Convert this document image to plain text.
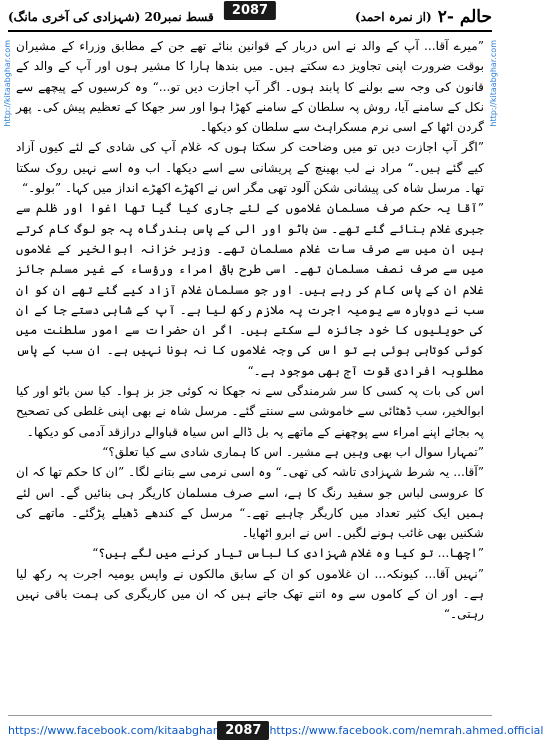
حالم -٢
(از نمرہ احمد)
قسط نمبر20 (شہزادی کی آخری مانگ)	2087
http://kitaabghar.com	http://kitaabghar.com

”میرے آقا... آپ کے والد نے اس دربار کے قوانین بنائے تھے جن کے مطابق وزراء کے مشیران بوقت ضرورت اپنی تجاویز دے سکتے ہیں۔ میں بندھا ہارا کا مشیر ہوں اور آپ کے والد کے قانون کی وجہ سے بولنے کا پابند ہوں۔ اگر آپ اجازت دیں تو...“ وہ کرسیوں کے پیچھے سے نکل کے سامنے آیا، روش پہ سلطان کے سامنے کھڑا ہوا اور سر جھکا کے تعظیم پیش کی۔ پھر گردن اٹھا کے اسی نرم مسکراہٹ سے سلطان کو دیکھا۔

”اگر آپ اجازت دیں تو میں وضاحت کر سکتا ہوں کہ غلام آپ کی شادی کے لئے کیوں آزاد کیے گئے ہیں۔“ مراد نے لب بھینچ کے پریشانی سے اسے دیکھا۔ اب وہ اسے نہیں روک سکتا تھا۔ مرسل شاہ کی پیشانی شکن آلود تھی مگر اس نے اکھڑے اکھڑے انداز میں کہا۔ ”بولو۔“

”آقا یہ حکم صرف مسلمان غلاموں کے لئے جاری کیا گیا تھا اغوا اور ظلم سے جبری غلام بنائے گئے تھے۔ سن باٹو اور الی کے پاس بندرگاہ پہ جو لوگ کام کرتے ہیں ان میں سے صرف سات غلام مسلمان تھے۔ وزیر خزانہ ابوالخیر کے غلاموں میں سے صرف نصف مسلمان تھے۔ اسی طرح باقی امراء ورؤساء کے غیر مسلم جائز غلام ان کے پاس کام کر رہے ہیں۔ اور جو مسلمان غلام آزاد کیے گئے تھے ان کو ان سب نے دوبارہ سے یومیہ اجرت پہ ملازم رکھ لیا ہے۔ آپ کے شاہی دستے جا کے ان کی حویلیوں کا خود جائزہ لے سکتے ہیں۔ اگر ان حضرات سے امور سلطنت میں کوئی کوتاہی ہوئی ہے تو اس کی وجہ غلاموں کا نہ ہونا نہیں ہے۔ ان سب کے پاس مطلوبہ افرادی قوت آج بھی موجود ہے۔“

اس کی بات پہ کسی کا سر شرمندگی سے نہ جھکا نہ کوئی جز بز ہوا۔ کیا سن باٹو اور کیا ابوالخیر، سب ڈھٹائی سے خاموشی سے سنتے گئے۔ مرسل شاہ نے بھی اپنی غلطی کی تصحیح پہ بجائے اپنے امراء سے پوچھنے کے ماتھے پہ بل ڈالے اس سیاہ قباوالے درازقد آدمی کو دیکھا۔

”تمہارا سوال اب بھی وہیں ہے مشیر۔ اس کا ہماری شادی سے کیا تعلق؟“

”آقا... یہ شرط شہزادی تاشہ کی تھی۔“ وہ اسی نرمی سے بتانے لگا۔ ”ان کا حکم تھا کہ ان کا عروسی لباس جو سفید رنگ کا ہے، اسے صرف مسلمان کاریگر ہی بنائیں گے۔ اس لئے ہمیں ایک کثیر تعداد میں کاریگر چاہیے تھے۔“ مرسل کے کندھے ڈھیلے پڑگئے۔ ماتھے کی شکنیں بھی غائب ہونے لگیں۔ اس نے ابرو اٹھایا۔

”اچھا... تو کیا وہ غلام شہزادی کا لباس تیار کرنے میں لگے ہیں؟“

”نہیں آقا... کیونکہ... ان غلاموں کو ان کے سابق مالکوں نے واپس یومیہ اجرت پہ رکھ لیا ہے۔ اور ان کے کاموں سے وہ اتنے تھک جاتے ہیں کہ ان میں کاریگری کی ہمت باقی نہیں رہتی۔“

https://www.facebook.com/kitaabghar 2087 https://www.facebook.com/nemrah.ahmed.official
